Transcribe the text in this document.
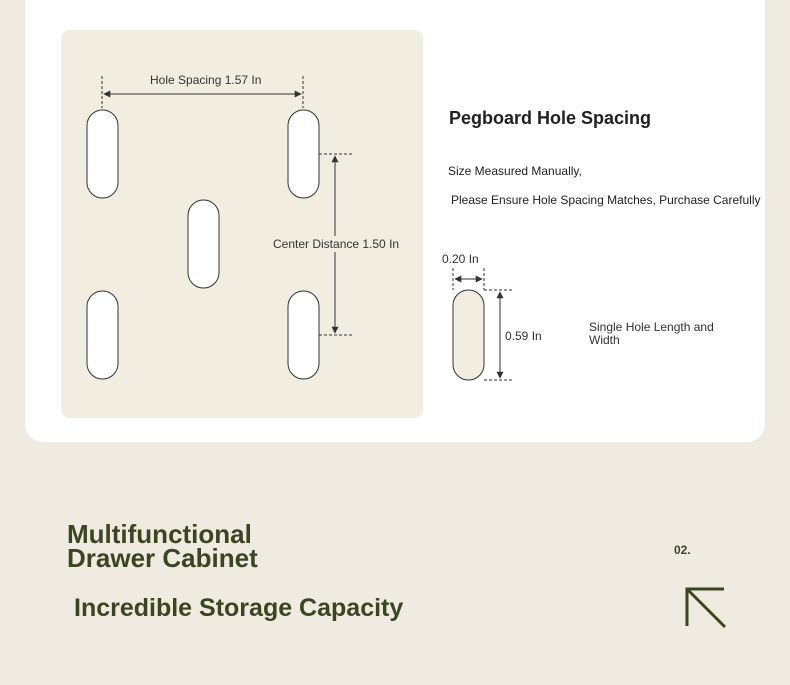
Hole Spacing 1.57 In
Center Distance 1.50 In
0.20 In
0.59 In
Pegboard Hole Spacing
Size Measured Manually,
Please Ensure Hole Spacing Matches, Purchase Carefully
Single Hole Length and Width
Multifunctional
Drawer Cabinet
Incredible Storage Capacity
02.
